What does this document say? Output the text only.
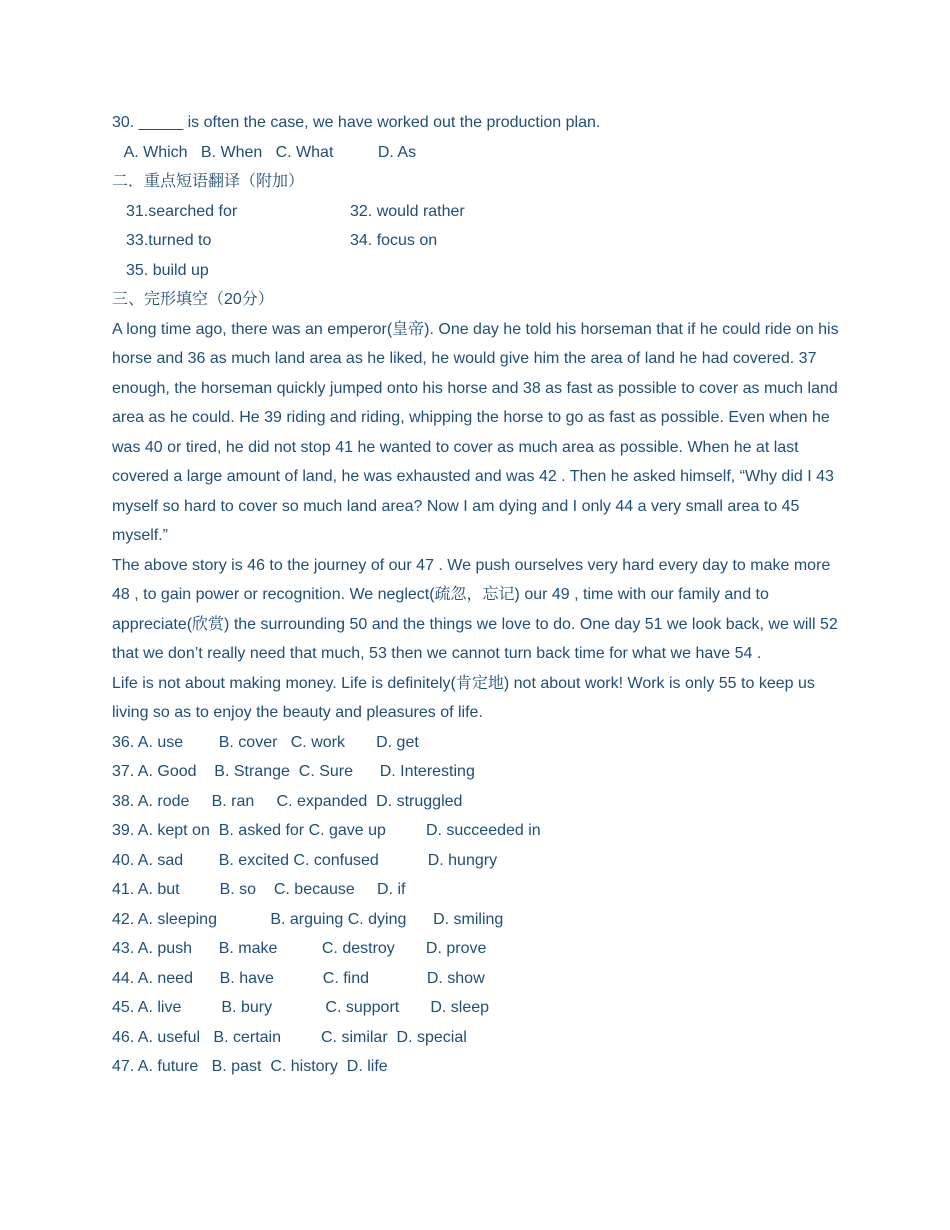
30. _____ is often the case, we have worked out the production plan.

A. Which   B. When   C. What          D. As

二．重点短语翻译（附加）

31.searched for	32. would rather
33.turned to	34. focus on
35. build up

三、完形填空（20分）

A long time ago, there was an emperor(皇帝). One day he told his horseman that if he could ride on his horse and 36 as much land area as he liked, he would give him the area of land he had covered. 37 enough, the horseman quickly jumped onto his horse and 38 as fast as possible to cover as much land area as he could. He 39 riding and riding, whipping the horse to go as fast as possible. Even when he was 40 or tired, he did not stop 41 he wanted to cover as much area as possible. When he at last covered a large amount of land, he was exhausted and was 42 . Then he asked himself, “Why did I 43 myself so hard to cover so much land area? Now I am dying and I only 44 a very small area to 45 myself.”

The above story is 46 to the journey of our 47 . We push ourselves very hard every day to make more 48 , to gain power or recognition. We neglect(疏忽，忘记) our 49 , time with our family and to appreciate(欣赏) the surrounding 50 and the things we love to do. One day 51 we look back, we will 52 that we don’t really need that much, 53 then we cannot turn back time for what we have 54 .

Life is not about making money. Life is definitely(肯定地) not about work! Work is only 55 to keep us living so as to enjoy the beauty and pleasures of life.

36. A. use        B. cover   C. work       D. get

37. A. Good    B. Strange  C. Sure      D. Interesting

38. A. rode     B. ran     C. expanded  D. struggled

39. A. kept on  B. asked for C. gave up         D. succeeded in

40. A. sad        B. excited C. confused           D. hungry

41. A. but         B. so    C. because     D. if

42. A. sleeping            B. arguing C. dying      D. smiling

43. A. push      B. make          C. destroy       D. prove

44. A. need      B. have           C. find             D. show

45. A. live         B. bury            C. support       D. sleep

46. A. useful   B. certain         C. similar  D. special

47. A. future   B. past  C. history  D. life
